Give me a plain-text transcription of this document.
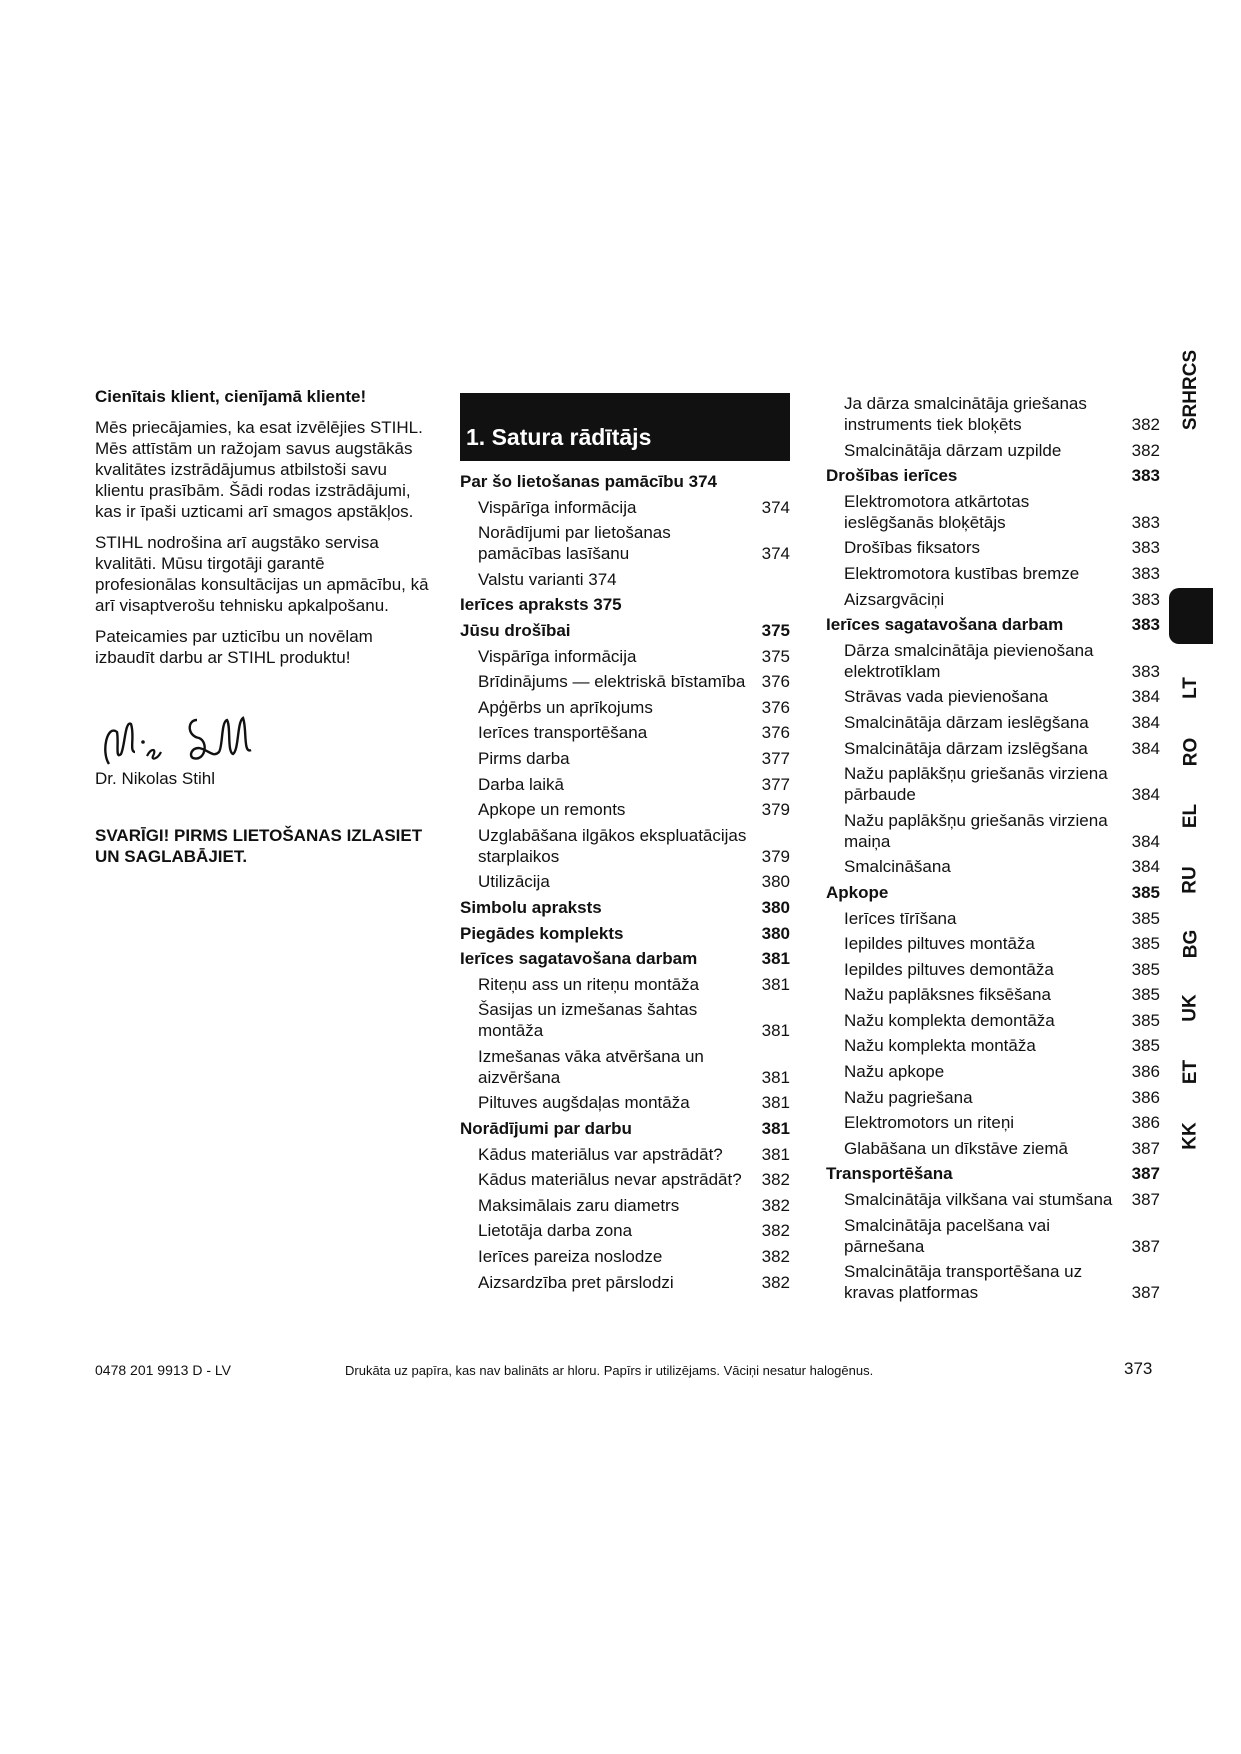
Cienītais klient, cienījamā kliente!

Mēs priecājamies, ka esat izvēlējies STIHL. Mēs attīstām un ražojam savus augstākās kvalitātes izstrādājumus atbilstoši savu klientu prasībām. Šādi rodas izstrādājumi, kas ir īpaši uzticami arī smagos apstākļos.

STIHL nodrošina arī augstāko servisa kvalitāti. Mūsu tirgotāji garantē profesionālas konsultācijas un apmācību, kā arī visaptverošu tehnisku apkalpošanu.

Pateicamies par uzticību un novēlam izbaudīt darbu ar STIHL produktu!

Dr. Nikolas Stihl
SVARĪGI! PIRMS LIETOŠANAS IZLASIET UN SAGLABĀJIET.
1. Satura rādītājs
Par šo lietošanas pamācību 374
Vispārīga informācija	374
Norādījumi par lietošanas pamācības lasīšanu	374
Valstu varianti 374
Ierīces apraksts 375
Jūsu drošībai	375
Vispārīga informācija	375
Brīdinājums — elektriskā bīstamība 376
Apģērbs un aprīkojums	376
Ierīces transportēšana	376
Pirms darba	377
Darba laikā	377
Apkope un remonts	379
Uzglabāšana ilgākos ekspluatācijas starplaikos	379
Utilizācija	380
Simbolu apraksts	380
Piegādes komplekts	380
Ierīces sagatavošana darbam	381
Riteņu ass un riteņu montāža	381
Šasijas un izmešanas šahtas montāža	381
Izmešanas vāka atvēršana un aizvēršana	381
Piltuves augšdaļas montāža	381
Norādījumi par darbu	381
Kādus materiālus var apstrādāt?	381
Kādus materiālus nevar apstrādāt?	382
Maksimālais zaru diametrs	382
Lietotāja darba zona	382
Ierīces pareiza noslodze	382
Aizsardzība pret pārslodzi	382
Ja dārza smalcinātāja griešanas instruments tiek bloķēts	382
Smalcinātāja dārzam uzpilde	382
Drošības ierīces	383
Elektromotora atkārtotas ieslēgšanās bloķētājs	383
Drošības fiksators	383
Elektromotora kustības bremze	383
Aizsargvāciņi	383
Ierīces sagatavošana darbam	383
Dārza smalcinātāja pievienošana elektrotīklam	383
Strāvas vada pievienošana	384
Smalcinātāja dārzam ieslēgšana	384
Smalcinātāja dārzam izslēgšana	384
Nažu paplākšņu griešanās virziena pārbaude	384
Nažu paplākšņu griešanās virziena maiņa	384
Smalcināšana	384
Apkope	385
Ierīces tīrīšana	385
Iepildes piltuves montāža	385
Iepildes piltuves demontāža	385
Nažu paplāksnes fiksēšana	385
Nažu komplekta demontāža	385
Nažu komplekta montāža	385
Nažu apkope	386
Nažu pagriešana	386
Elektromotors un riteņi	386
Glabāšana un dīkstāve ziemā	387
Transportēšana	387
Smalcinātāja vilkšana vai stumšana	387
Smalcinātāja pacelšana vai pārnešana	387
Smalcinātāja transportēšana uz kravas platformas	387
SRHRCS
LT
RO
EL
RU
BG
UK
ET
KK
0478 201 9913 D - LV	Drukāta uz papīra, kas nav balināts ar hloru. Papīrs ir utilizējams. Vāciņi nesatur halogēnus.	373
